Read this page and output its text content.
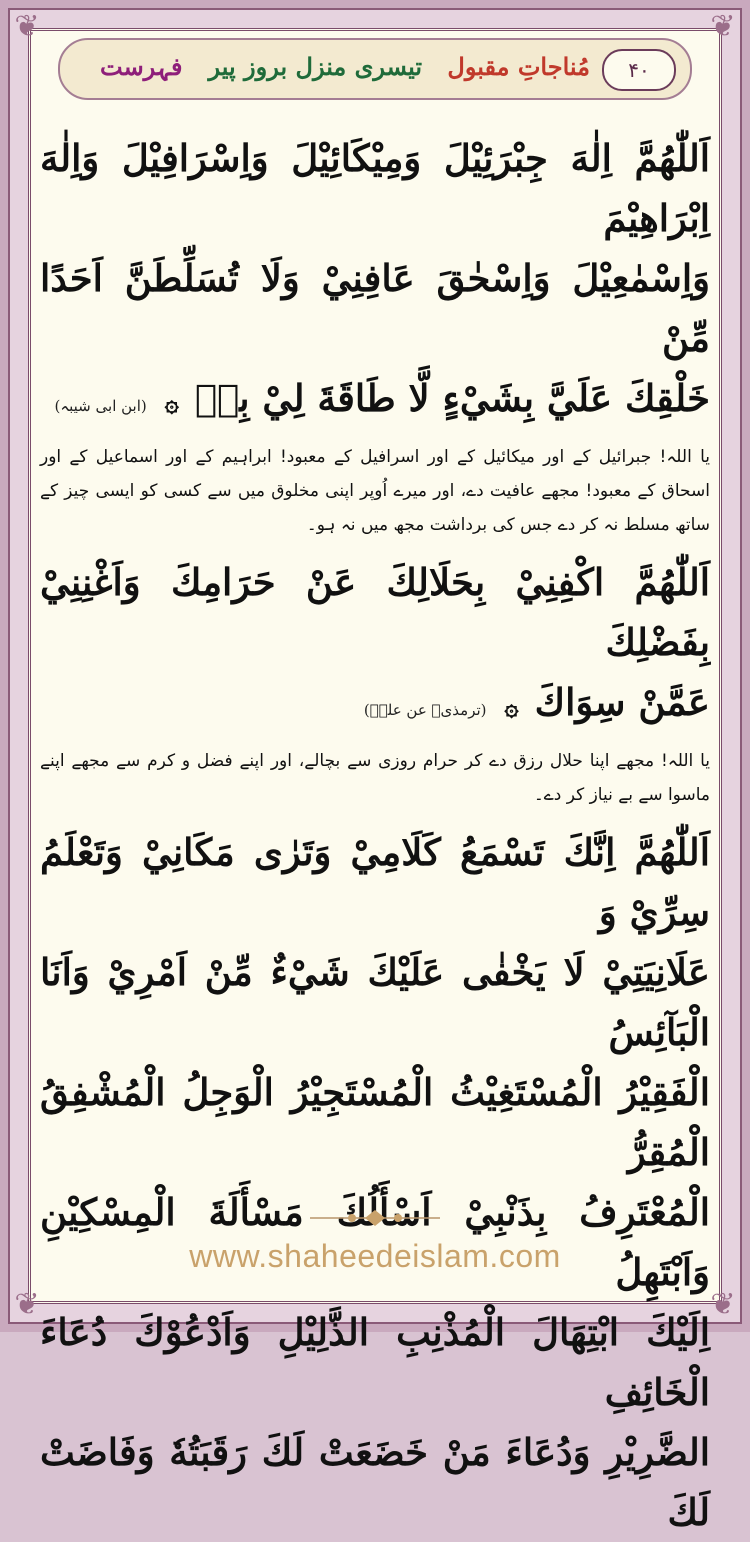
❦	❦
❦	❦
۴۰
مُناجاتِ مقبول
تیسری منزل بروز پیر
فہرست

اَللّٰهُمَّ اِلٰهَ جِبْرَئِيْلَ وَمِيْكَائِيْلَ وَاِسْرَافِيْلَ وَاِلٰهَ اِبْرَاهِيْمَ

وَاِسْمٰعِيْلَ وَاِسْحٰقَ عَافِنِيْ وَلَا تُسَلِّطَنَّ اَحَدًا مِّنْ

خَلْقِكَ عَلَيَّ بِشَيْءٍ لَّا طَاقَةَ لِيْ بِهٖ۞(ابن ابی شیبہ)

یا اللہ! جبرائیل کے اور میکائیل کے اور اسرافیل کے معبود! ابراہیم کے اور اسماعیل کے اور اسحاق کے معبود! مجھے عافیت دے، اور میرے اُوپر اپنی مخلوق میں سے کسی کو ایسی چیز کے ساتھ مسلط نہ کر دے جس کی برداشت مجھ میں نہ ہو۔

اَللّٰهُمَّ اكْفِنِيْ بِحَلَالِكَ عَنْ حَرَامِكَ وَاَغْنِنِيْ بِفَضْلِكَ

عَمَّنْ سِوَاكَ۞(ترمذی۔ عن علیؓ)

یا اللہ! مجھے اپنا حلال رزق دے کر حرام روزی سے بچالے، اور اپنے فضل و کرم سے مجھے اپنے ماسوا سے بے نیاز کر دے۔

اَللّٰهُمَّ اِنَّكَ تَسْمَعُ كَلَامِيْ وَتَرٰى مَكَانِيْ وَتَعْلَمُ سِرِّيْ وَ

عَلَانِيَتِيْ لَا يَخْفٰى عَلَيْكَ شَيْءٌ مِّنْ اَمْرِيْ وَاَنَا الْبَآئِسُ

الْفَقِيْرُ الْمُسْتَغِيْثُ الْمُسْتَجِيْرُ الْوَجِلُ الْمُشْفِقُ الْمُقِرُّ

الْمُعْتَرِفُ بِذَنْبِيْ اَسْأَلُكَ مَسْأَلَةَ الْمِسْكِيْنِ وَاَبْتَهِلُ

اِلَيْكَ ابْتِهَالَ الْمُذْنِبِ الذَّلِيْلِ وَاَدْعُوْكَ دُعَاءَ الْخَائِفِ

الضَّرِيْرِ وَدُعَاءَ مَنْ خَضَعَتْ لَكَ رَقَبَتُهٗ وَفَاضَتْ لَكَ

www.shaheedeislam.com
